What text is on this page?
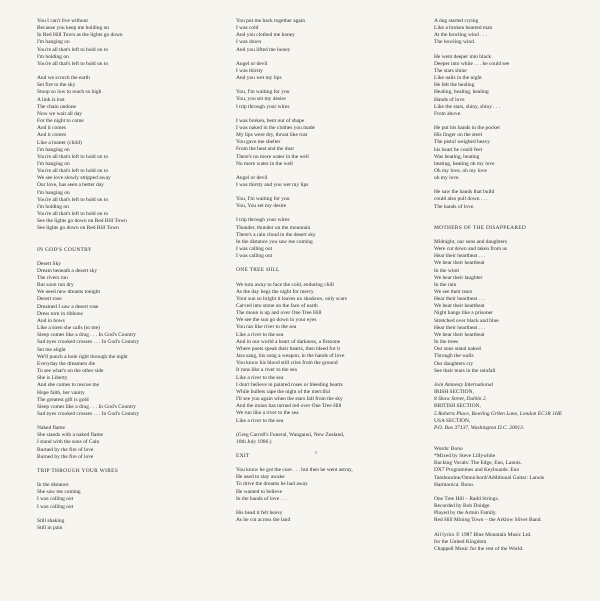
You I can't live without
Because you keep me holding on
In Red Hill Town as the lights go down
I'm hanging on
You're all that's left to hold on to
I'm holding on
You're all that's left to hold on to
And we scorch the earth
Set fire to the sky
Stoop so low to reach so high
A link is lost
The chain undone
Now we wait all day
For the night to come
And it comes
And it comes
Like a hunter (child)
I'm hanging on
You're all that's left to hold on to
I'm hanging on
You're all that's left to hold on to
We see love slowly stripped away
Our love, has seen a better day
I'm hanging on
You're all that's left to hold on to
I'm holding on
You're all that's left to hold on to
See the lights go down on Red Hill Town
See lights go down on Red Hill Town
IN GOD'S COUNTRY
Desert Sky
Dream beneath a desert sky
The rivers run
But soon run dry
We need new dreams tonight
Desert rose
Dreamed I saw a desert rose
Dress torn in ribbons
And in bows
Like a siren she calls (to me)
Sleep comes like a drug . . . In God's Country
Sad eyes crooked crosses . . . In God's Country
Set me alight
We'll punch a hole right through the night
Everyday the dreamers die
To see what's on the other side
She is Liberty
And she comes to rescue me
Hope faith, her vanity
The greatest gift is gold
Sleep comes like a drug . . . In God's Country
Sad eyes crooked crosses . . . In God's Country
Naked flame
She stands with a naked flame
I stand with the sons of Cain
Burned by the fire of love
Burned by the fire of love
TRIP THROUGH YOUR WIRES
In the distance
She saw me coming
I was calling out
I was calling out
Still shaking
Still in pain
You put me back together again
I was cold
And you clothed me honey
I was down
And you lifted me honey
Angel or devil
I was thirsty
And you wet my lips
You, I'm waiting for you
You, you set my desire
I trip through your wires
I was broken, bent out of shape
I was naked in the clothes you made
My lips were dry, throat like rust
You gave me shelter
From the heat and the dust
There's no more water in the well
No more water in the well
Angel or devil
I was thirsty and you wet my lips
You, I'm waiting for you
You, You set my desire
I trip through your wires
Thunder, thunder on the mountain
There's a rain cloud in the desert sky
In the distance you saw me coming
I was calling out
I was calling out
ONE TREE HILL
We turn away to face the cold, enduring chill
As the day begs the night for mercy
Your sun so bright it leaves no shadows, only scars
Carved into stone on the face of earth
The moon is up and over One Tree Hill
We see the sun go down in your eyes
You ran like river to the sea
Like a river to the sea
And in our world a heart of darkness, a firezone
Where poets speak their hearts, then bleed for it
Jara sang, his song a weapon, in the hands of love
You know his blood still cries from the ground
It runs like a river to the sea
Like a river to the sea
I don't believe in painted roses or bleeding hearts
While bullets rape the night of the merciful
I'll see you again when the stars fall from the sky
And the moon has turned red over One Tree Hill
We run like a river to the sea
Like a river to the sea
(Greg Carroll's Funeral, Wanganui, New Zealand,
10th July 1986.)
EXIT
You know he got the cure . . . but then he went astray,
He used to stay awake
To drive the dreams he had away
He wanted to believe
In the hands of love . . .
His head it felt heavy
As he cut across the land
A dog started crying
Like a broken hearted man
At the howling wind . . .
The howling wind.
He went deeper into black
Deeper into white . . . he could see
The stars shine
Like nails in the night
He felt the healing
Healing, healing, healing
Hands of love
Like the stars, shiny, shiny . . .
From above.
He put his hands in the pocket
His finger on the steel
The pistol weighed heavy
his heart he could feel
Was beating, beating
beating, beating oh my love
Oh my love, oh my love
oh my love.
He saw the hands that build
could also pull down . . .
The hands of love.
MOTHERS OF THE DISAPPEARED
Midnight, our sons and daughters
Were cut down and taken from us
Hear their heartbeat . . .
We hear their heartbeat
In the wind
We hear their laughter
In the rain
We see their tears
Hear their heartbeat . . .
We hear their heartbeat
Night hangs like a prisoner
Stretched over black and blue
Hear their heartbeat . . .
We hear their heartbeat
In the trees
Our sons stand naked
Through the walls
Our daughters cry
See their tears in the rainfall
Join Amnesty International
IRISH SECTION,
8 Shaw Street, Dublin 2.
BRITISH SECTION,
5 Roberts Place, Bowling Gr8en Lane, London EC1R 1HE
USA SECTION,
P.O. Box 37137, Washington D.C. 20013.
Words: Bono
*Mixed by Steve Lillywhite
Backing Vocals: The Edge, Eno, Lanois.
DX7 Programmes and Keyboards: Eno
Tambourine/Omnichord/Additional Guitar: Lanois
Harmonica: Bono.
One Tree Hill – Radd Strings.
Recorded by Bob Doidge.
Played by the Armin Family.
Red Hill Mining Town – the Arklow Silver Band.
All lyrics © 1987 Blue Mountain Music Ltd.
for the United Kingdom
Chappell Music for the rest of the World.
v
